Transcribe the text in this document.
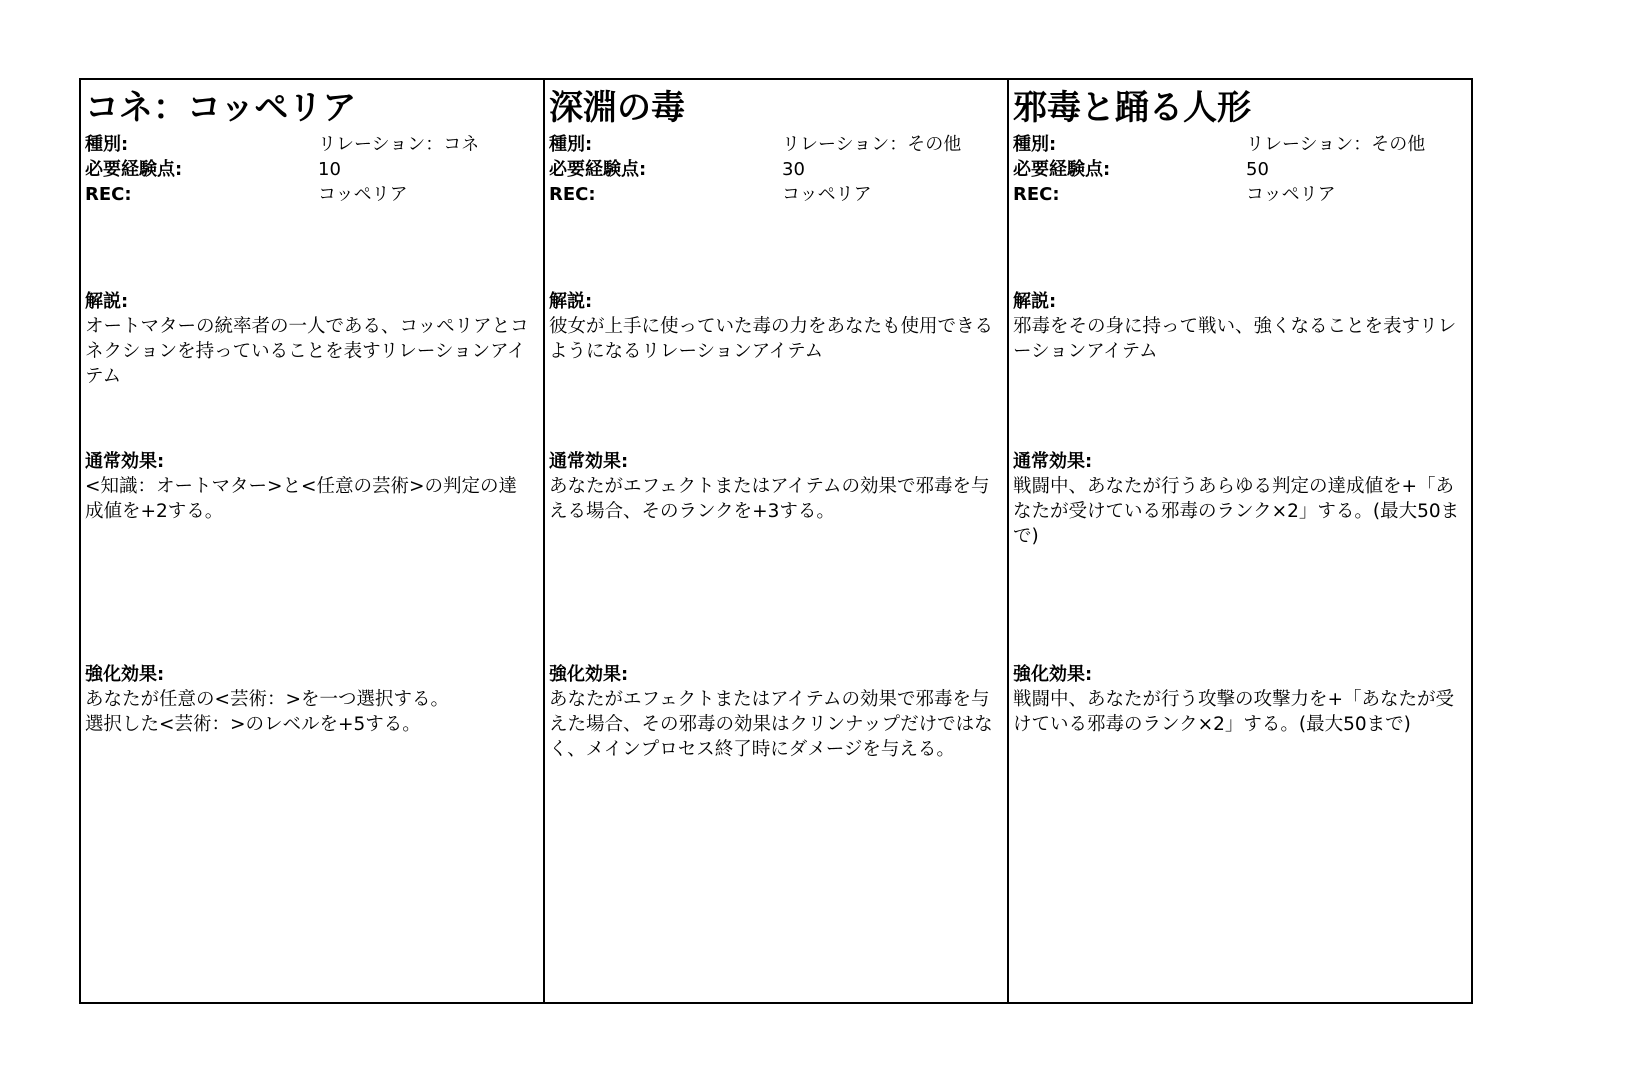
コネ：コッペリア
種別:	リレーション：コネ
必要経験点:	10
REC:	コッペリア
解説:
オートマターの統率者の一人である、コッペリアとコネクションを持っていることを表すリレーションアイテム
通常効果:
<知識：オートマター>と<任意の芸術>の判定の達成値を+2する。
強化効果:
あなたが任意の<芸術：>を一つ選択する。
選択した<芸術：>のレベルを+5する。
深淵の毒
種別:	リレーション：その他
必要経験点:	30
REC:	コッペリア
解説:
彼女が上手に使っていた毒の力をあなたも使用できるようになるリレーションアイテム
通常効果:
あなたがエフェクトまたはアイテムの効果で邪毒を与える場合、そのランクを+3する。
強化効果:
あなたがエフェクトまたはアイテムの効果で邪毒を与えた場合、その邪毒の効果はクリンナップだけではなく、メインプロセス終了時にダメージを与える。
邪毒と踊る人形
種別:	リレーション：その他
必要経験点:	50
REC:	コッペリア
解説:
邪毒をその身に持って戦い、強くなることを表すリレーションアイテム
通常効果:
戦闘中、あなたが行うあらゆる判定の達成値を+「あなたが受けている邪毒のランク×2」する。(最大50まで)
強化効果:
戦闘中、あなたが行う攻撃の攻撃力を+「あなたが受けている邪毒のランク×2」する。(最大50まで)
